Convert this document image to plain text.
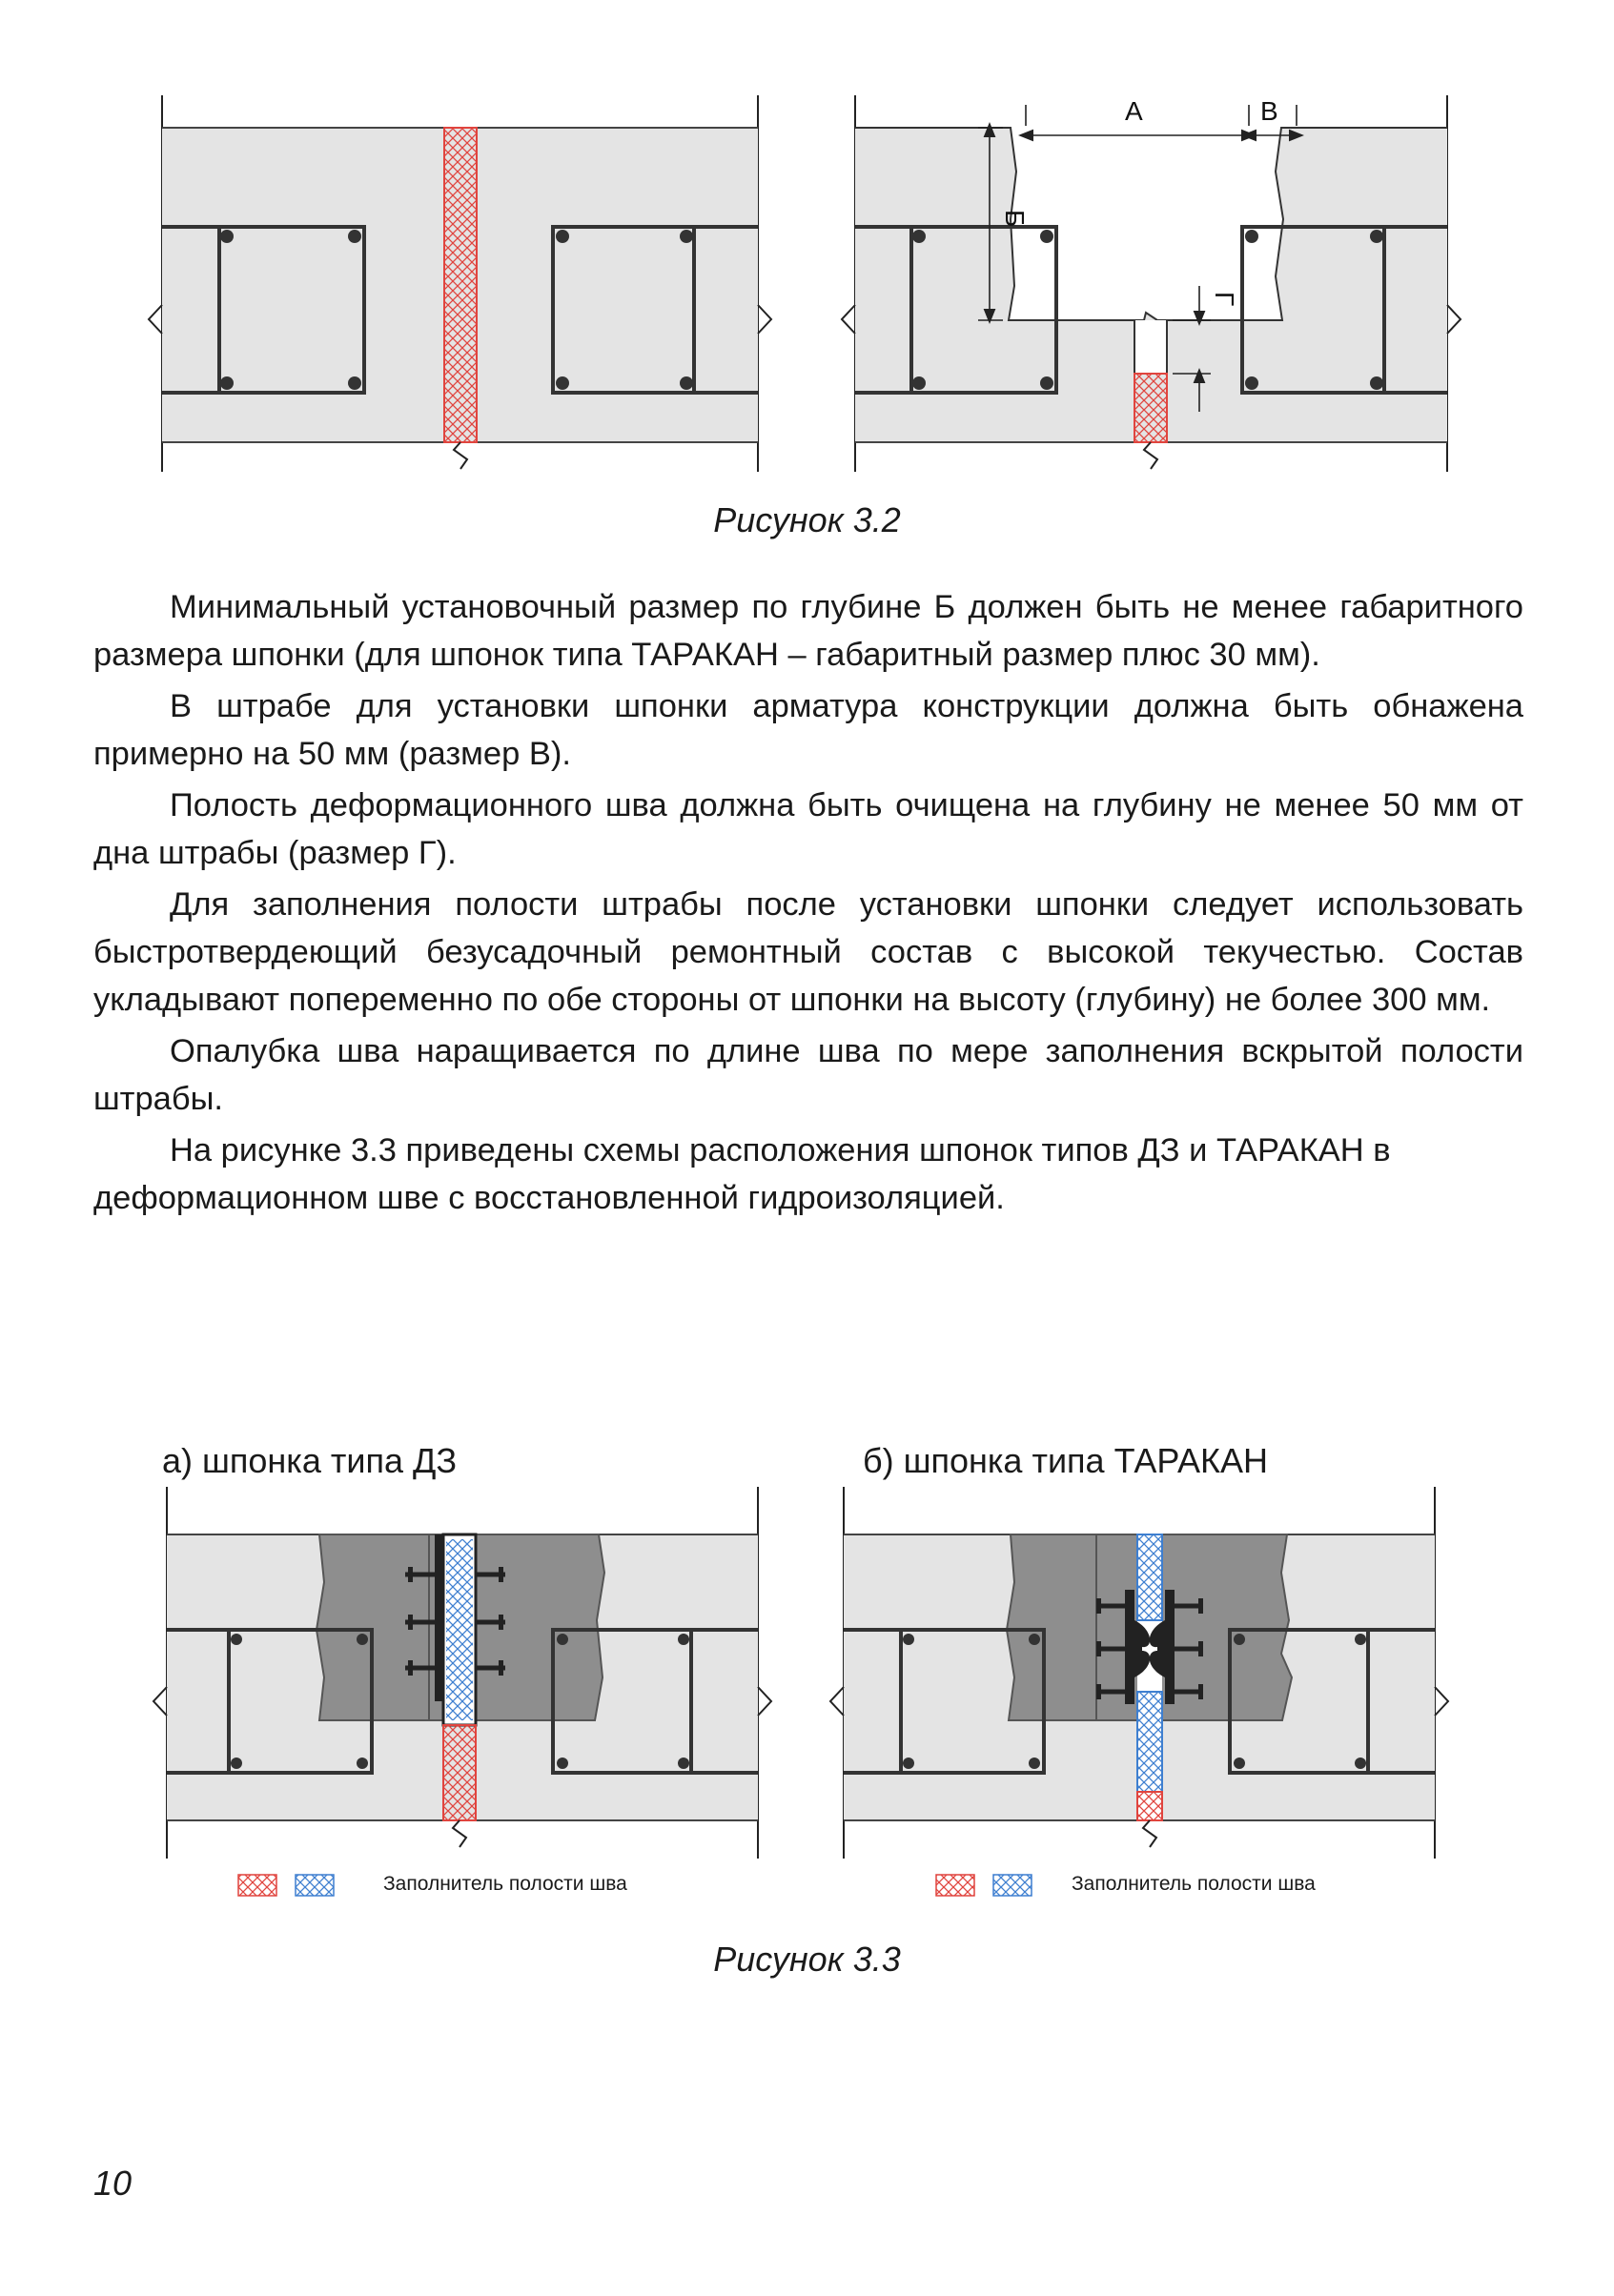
А	В
Б
Г
Рисунок 3.2

Минимальный установочный размер по глубине Б должен быть не менее габаритного размера шпонки (для шпонок типа ТАРАКАН – габаритный размер плюс 30 мм).

В штрабе для установки шпонки арматура конструкции должна быть обнажена примерно на 50 мм (размер В).

Полость деформационного шва должна быть очищена на глубину не менее 50 мм от дна штрабы (размер Г).

Для заполнения полости штрабы после установки шпонки следует использовать быстротвердеющий безусадочный ремонтный состав с высокой текучестью. Состав укладывают попеременно по обе стороны от шпонки на высоту (глубину) не более 300 мм.

Опалубка шва наращивается по длине шва по мере заполнения вскрытой полости штрабы.

На рисунке 3.3 приведены схемы расположения шпонок типов ДЗ и ТАРАКАН в деформационном шве с восстановленной гидроизоляцией.

а) шпонка типа ДЗ	б) шпонка типа ТАРАКАН
Заполнитель полости шва	Заполнитель полости шва
Рисунок 3.3
10
